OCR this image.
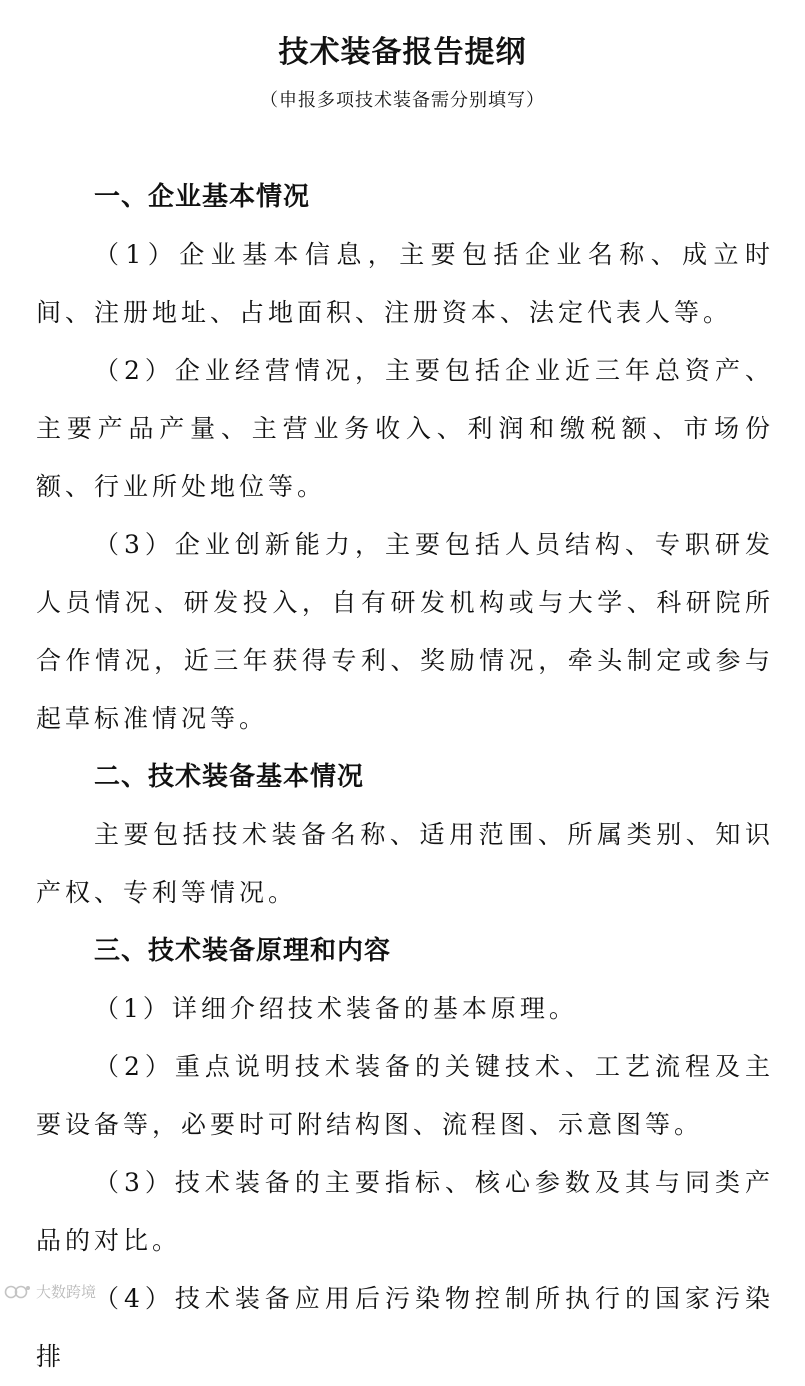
技术装备报告提纲

（申报多项技术装备需分别填写）

一、企业基本情况

（1）企业基本信息，主要包括企业名称、成立时间、注册地址、占地面积、注册资本、法定代表人等。

（2）企业经营情况，主要包括企业近三年总资产、主要产品产量、主营业务收入、利润和缴税额、市场份额、行业所处地位等。

（3）企业创新能力，主要包括人员结构、专职研发人员情况、研发投入，自有研发机构或与大学、科研院所合作情况，近三年获得专利、奖励情况，牵头制定或参与起草标准情况等。

二、技术装备基本情况

主要包括技术装备名称、适用范围、所属类别、知识产权、专利等情况。

三、技术装备原理和内容

（1）详细介绍技术装备的基本原理。

（2）重点说明技术装备的关键技术、工艺流程及主要设备等，必要时可附结构图、流程图、示意图等。

（3）技术装备的主要指标、核心参数及其与同类产品的对比。

（4）技术装备应用后污染物控制所执行的国家污染排

大数跨境
